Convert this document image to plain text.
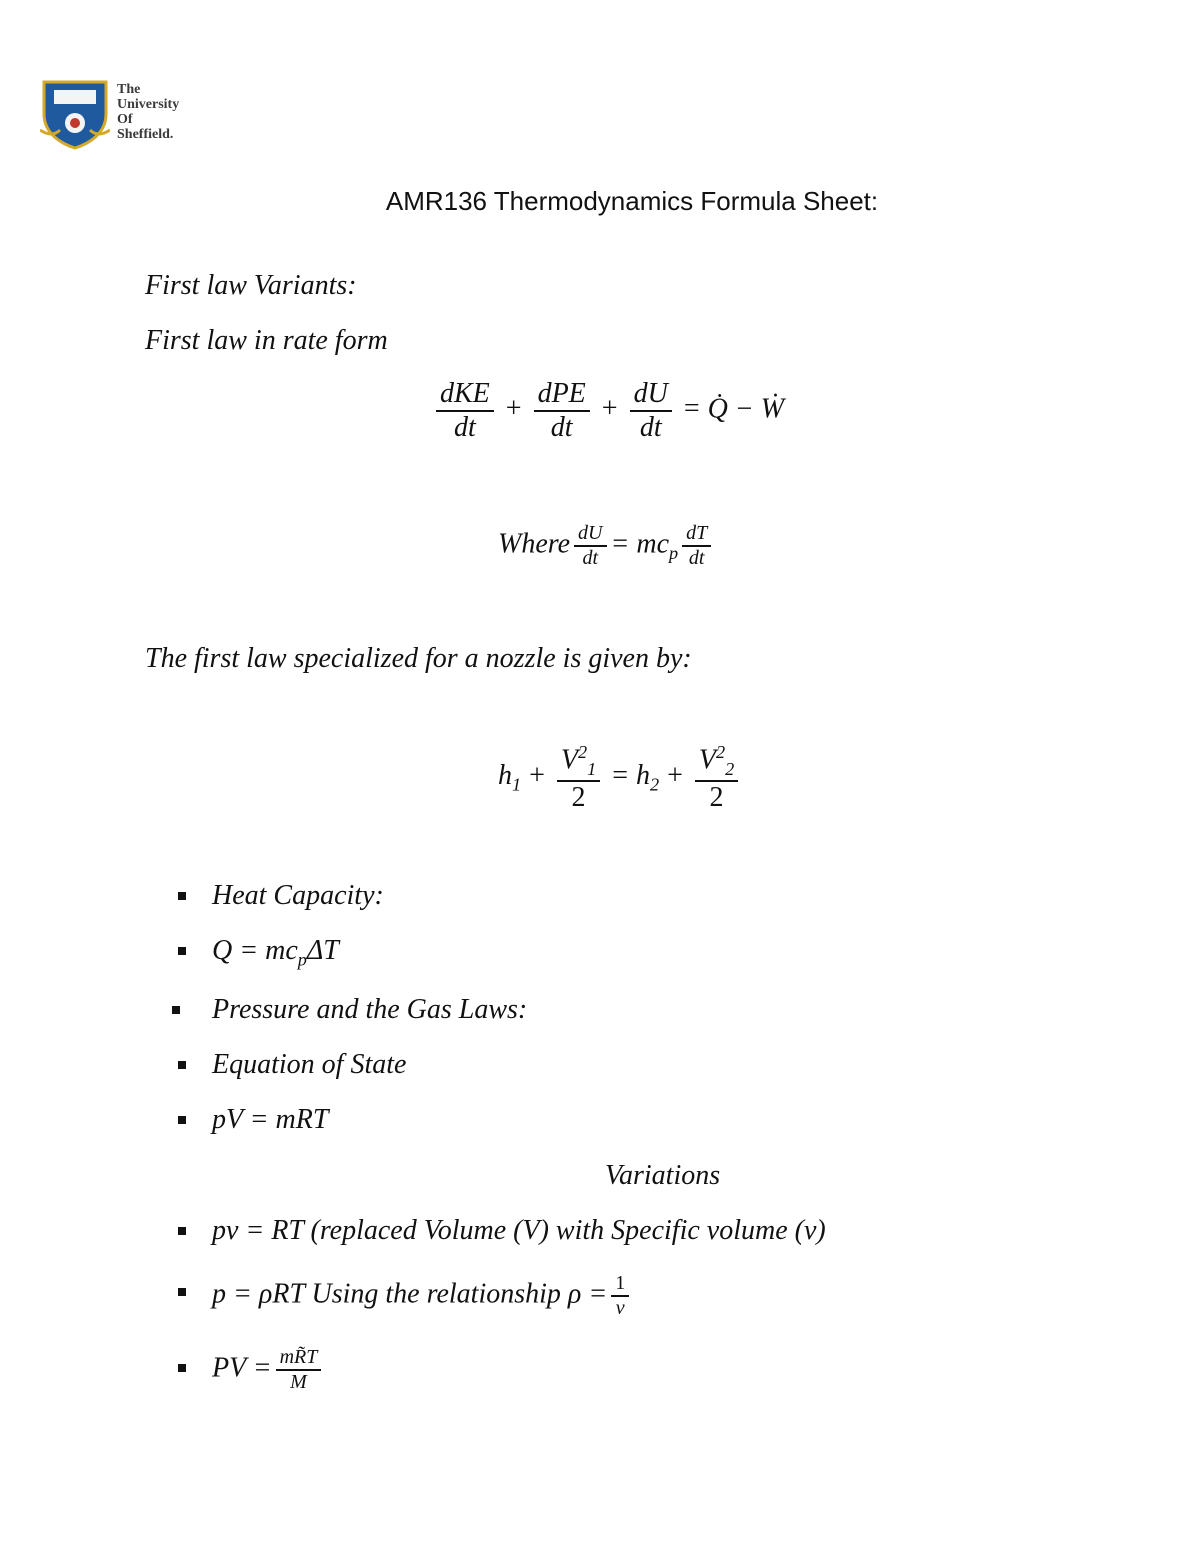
The
University
Of
Sheffield.
AMR136 Thermodynamics Formula Sheet:
First law Variants:
First law in rate form
$\frac{\text{dKE}}{dt} + \frac{\text{dPE}}{dt} + \frac{dU}{dt}$ = Q̇ − Ẇ
Where $\frac{dU}{dt} = mc_p \frac{dT}{dt}$
The first law specialized for a nozzle is given by:
$h_1 + \frac{V^2_1}{2} = h_2 + \frac{V^2_2}{2}$
Heat Capacity:
$Q = mc_p\Delta T$
Pressure and the Gas Laws:
Equation of State
pV = mRT
Variations
pv = RT (replaced Volume (V) with Specific volume (v)
p = ρRT Using the relationship $\rho = \frac{1}{v}$
PV = $\frac{mR̃T}{M}$
